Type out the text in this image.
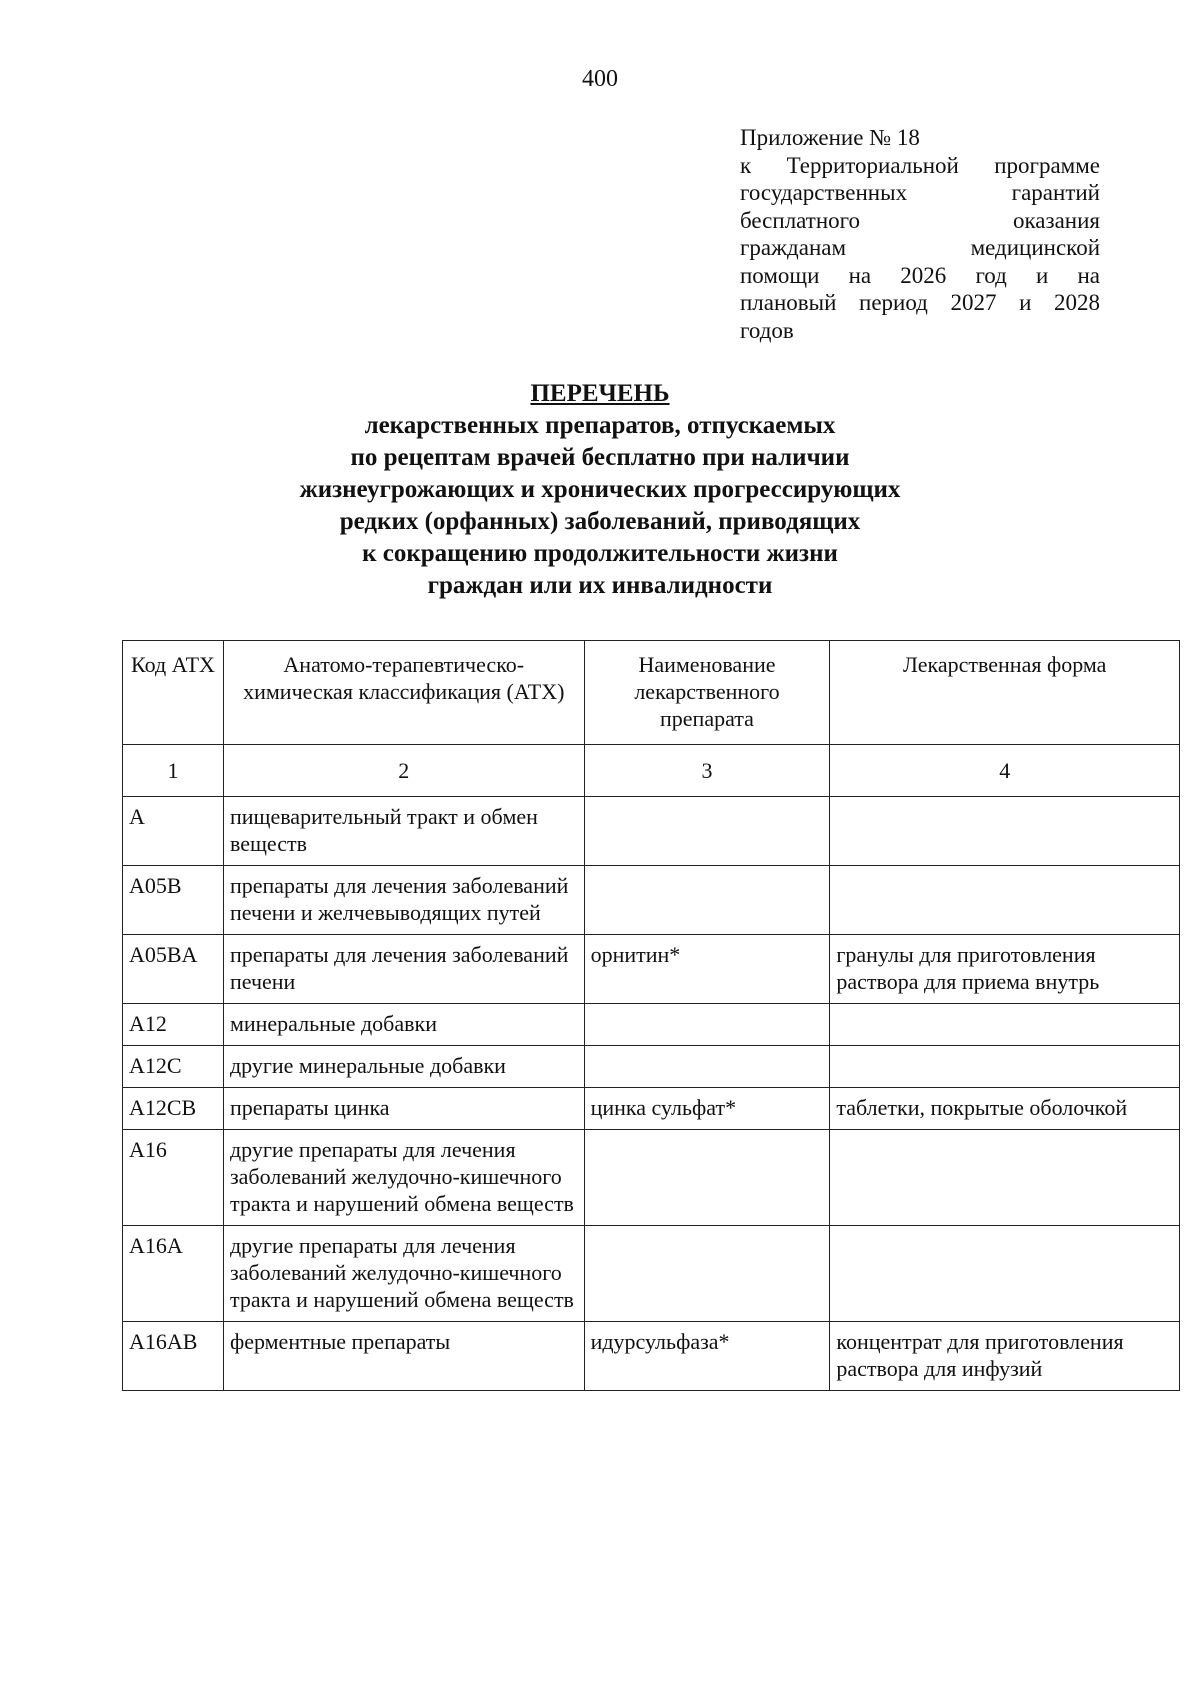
400
Приложение № 18
к Территориальной программе
государственных гарантий
бесплатного оказания
гражданам медицинской
помощи на 2026 год и на
плановый период 2027 и 2028
годов
ПЕРЕЧЕНЬ
лекарственных препаратов, отпускаемых
по рецептам врачей бесплатно при наличии
жизнеугрожающих и хронических прогрессирующих
редких (орфанных) заболеваний, приводящих
к сокращению продолжительности жизни
граждан или их инвалидности
Код АТХ	Анатомо-терапевтическо-химическая классификация (АТХ)	Наименование лекарственного препарата	Лекарственная форма
1	2	3	4
A	пищеварительный тракт и обмен веществ		
A05B	препараты для лечения заболеваний печени и желчевыводящих путей		
A05BA	препараты для лечения заболеваний печени	орнитин*	гранулы для приготовления раствора для приема внутрь
A12	минеральные добавки		
A12C	другие минеральные добавки		
A12CB	препараты цинка	цинка сульфат*	таблетки, покрытые оболочкой
A16	другие препараты для лечения заболеваний желудочно-кишечного тракта и нарушений обмена веществ		
A16A	другие препараты для лечения заболеваний желудочно-кишечного тракта и нарушений обмена веществ		
A16AB	ферментные препараты	идурсульфаза*	концентрат для приготовления раствора для инфузий
